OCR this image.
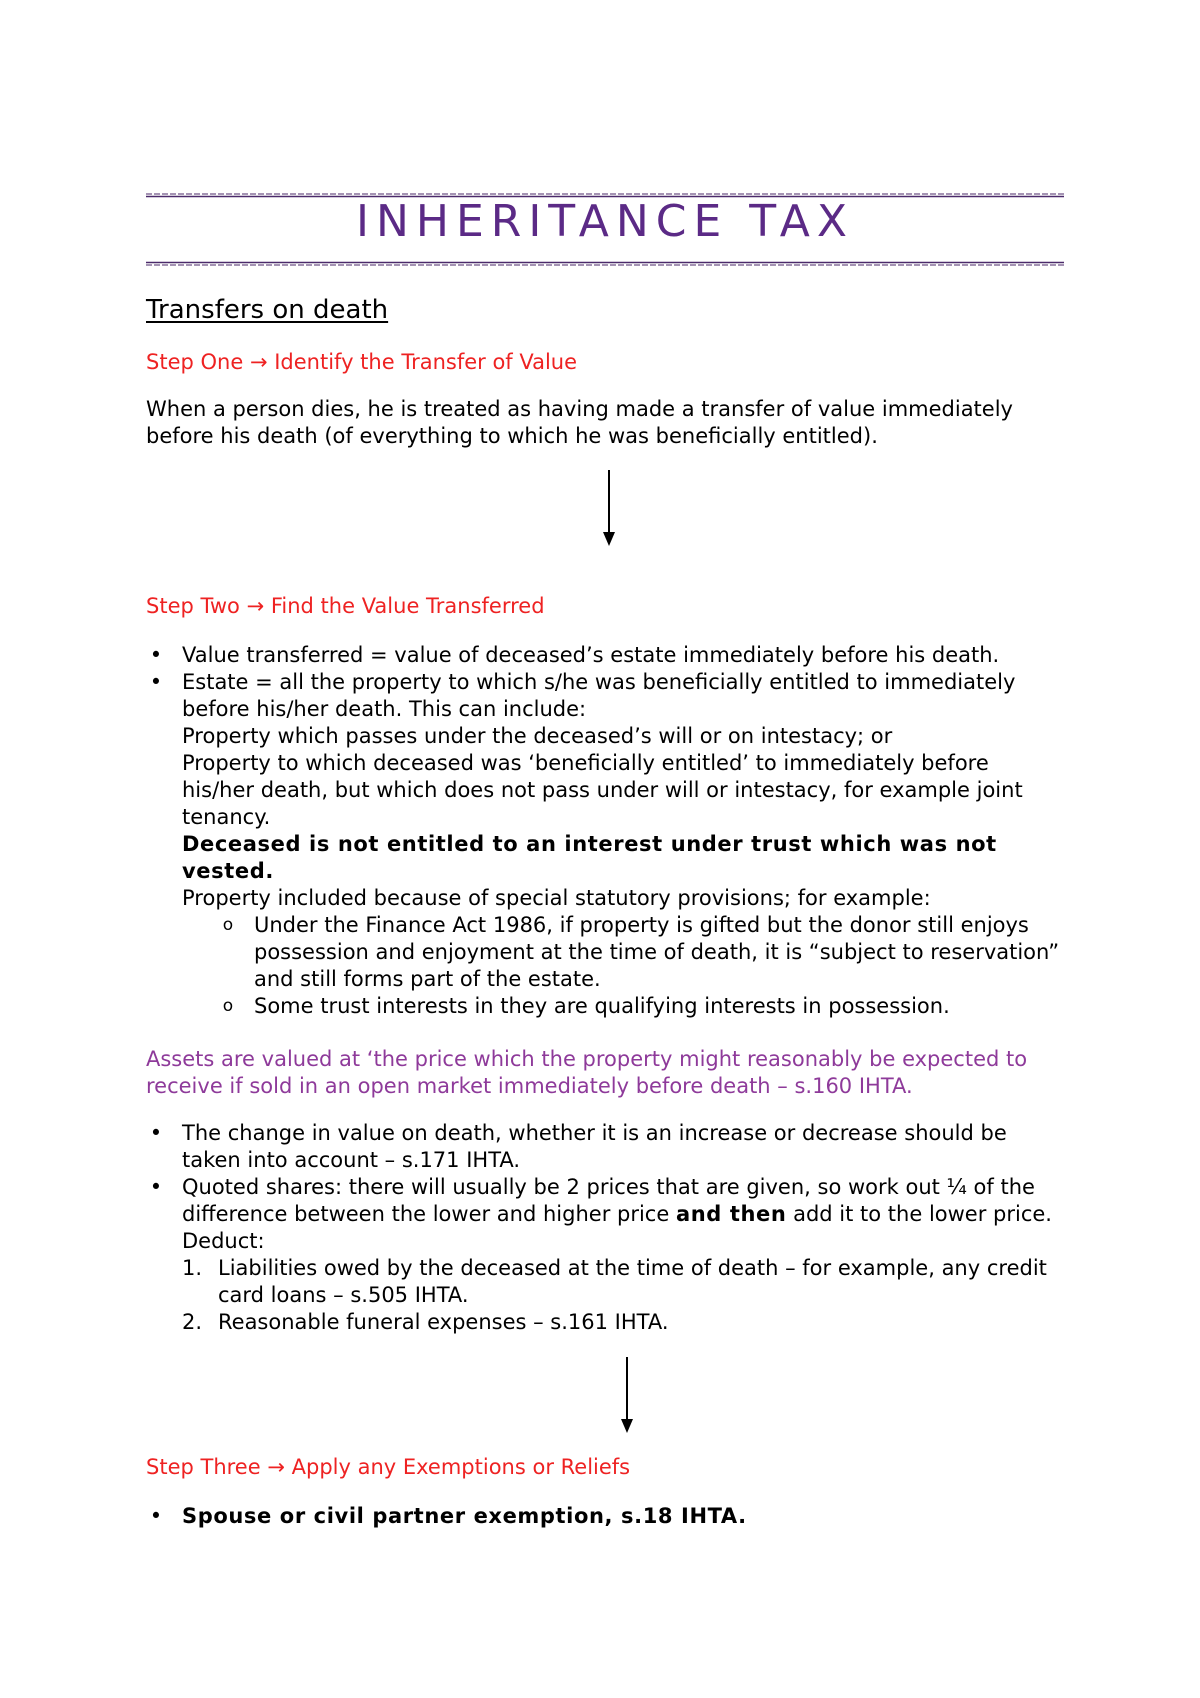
INHERITANCE TAX
Transfers on death
Step One → Identify the Transfer of Value
When a person dies, he is treated as having made a transfer of value immediately before his death (of everything to which he was beneficially entitled).
Step Two → Find the Value Transferred
• Value transferred = value of deceased’s estate immediately before his death.
• Estate = all the property to which s/he was beneficially entitled to immediately before his/her death. This can include:
Property which passes under the deceased’s will or on intestacy; or
Property to which deceased was ‘beneficially entitled’ to immediately before his/her death, but which does not pass under will or intestacy, for example joint tenancy.
Deceased is not entitled to an interest under trust which was not vested.
Property included because of special statutory provisions; for example:
o Under the Finance Act 1986, if property is gifted but the donor still enjoys possession and enjoyment at the time of death, it is “subject to reservation” and still forms part of the estate.
o Some trust interests in they are qualifying interests in possession.
Assets are valued at ‘the price which the property might reasonably be expected to receive if sold in an open market immediately before death – s.160 IHTA.
• The change in value on death, whether it is an increase or decrease should be taken into account – s.171 IHTA.
• Quoted shares: there will usually be 2 prices that are given, so work out ¼ of the difference between the lower and higher price and then add it to the lower price. Deduct:
1. Liabilities owed by the deceased at the time of death – for example, any credit card loans – s.505 IHTA.
2. Reasonable funeral expenses – s.161 IHTA.
Step Three → Apply any Exemptions or Reliefs
• Spouse or civil partner exemption, s.18 IHTA.
